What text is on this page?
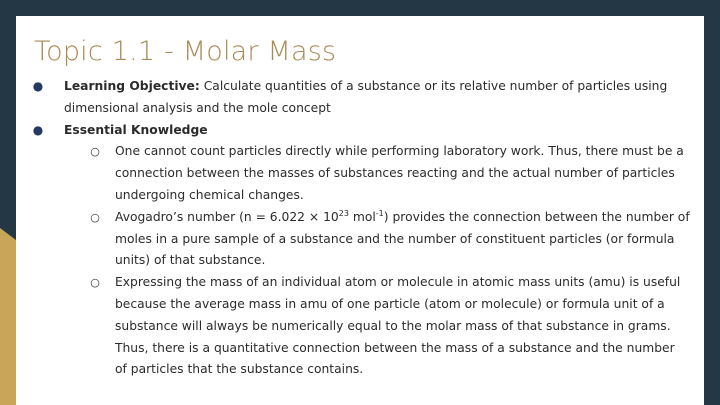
Topic 1.1 - Molar Mass
● Learning Objective: Calculate quantities of a substance or its relative number of particles using dimensional analysis and the mole concept
● Essential Knowledge
○ One cannot count particles directly while performing laboratory work. Thus, there must be a connection between the masses of substances reacting and the actual number of particles undergoing chemical changes.
○ Avogadro’s number ($n = 6.022 \times 10^{23}$ mol$^{-1}$) provides the connection between the number of moles in a pure sample of a substance and the number of constituent particles (or formula units) of that substance.
○ Expressing the mass of an individual atom or molecule in atomic mass units (amu) is useful because the average mass in amu of one particle (atom or molecule) or formula unit of a substance will always be numerically equal to the molar mass of that substance in grams. Thus, there is a quantitative connection between the mass of a substance and the number of particles that the substance contains.
